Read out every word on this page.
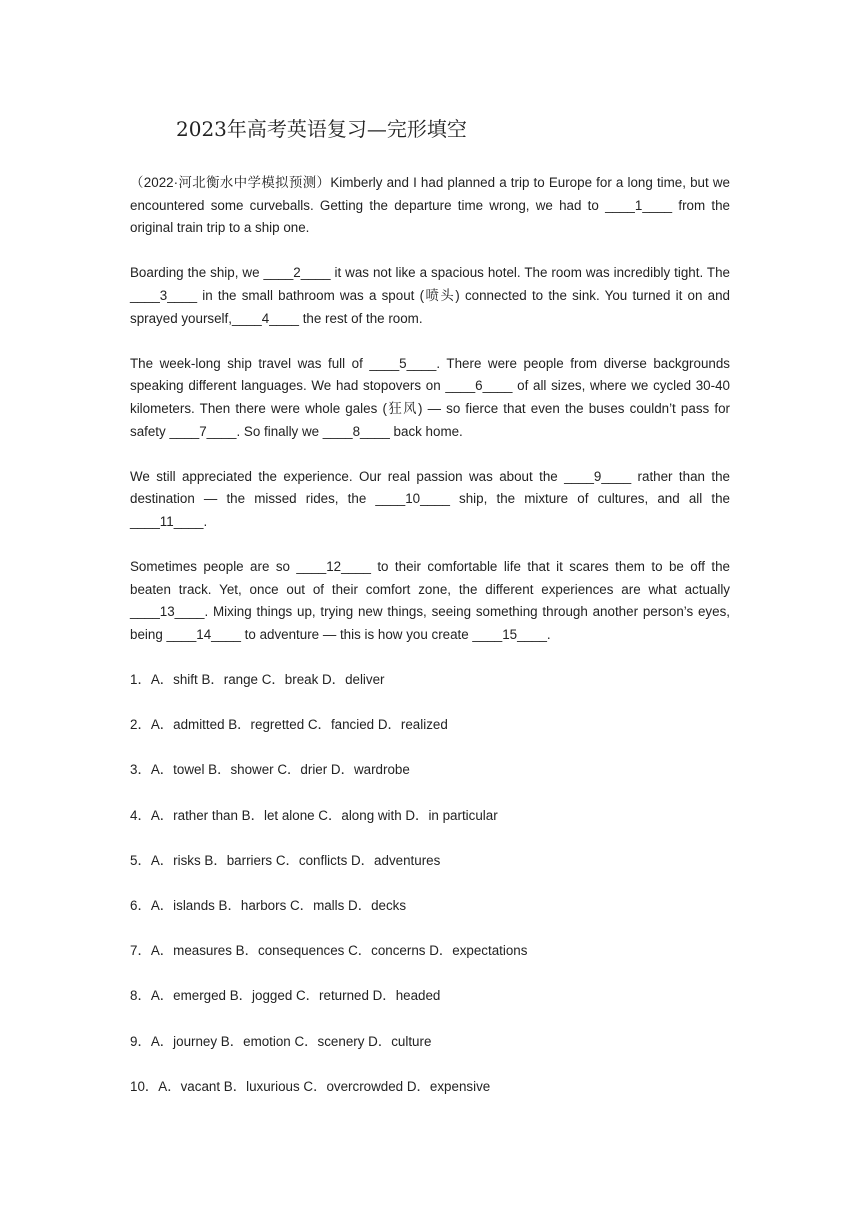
2023年高考英语复习—完形填空

（2022·河北衡水中学模拟预测）Kimberly and I had planned a trip to Europe for a long time, but we encountered some curveballs. Getting the departure time wrong, we had to ____1____ from the original train trip to a ship one.

Boarding the ship, we ____2____ it was not like a spacious hotel. The room was incredibly tight. The ____3____ in the small bathroom was a spout (喷头) connected to the sink. You turned it on and sprayed yourself,____4____ the rest of the room.

The week-long ship travel was full of ____5____. There were people from diverse backgrounds speaking different languages. We had stopovers on ____6____ of all sizes, where we cycled 30-40 kilometers. Then there were whole gales (狂风) — so fierce that even the buses couldn’t pass for safety ____7____. So finally we ____8____ back home.

We still appreciated the experience. Our real passion was about the ____9____ rather than the destination — the missed rides, the ____10____ ship, the mixture of cultures, and all the ____11____.

Sometimes people are so ____12____ to their comfortable life that it scares them to be off the beaten track. Yet, once out of their comfort zone, the different experiences are what actually ____13____. Mixing things up, trying new things, seeing something through another person’s eyes, being ____14____ to adventure — this is how you create ____15____.

1．A．shift B．range C．break D．deliver
2．A．admitted B．regretted C．fancied D．realized
3．A．towel B．shower C．drier D．wardrobe
4．A．rather than B．let alone C．along with D．in particular
5．A．risks B．barriers C．conflicts D．adventures
6．A．islands B．harbors C．malls D．decks
7．A．measures B．consequences C．concerns D．expectations
8．A．emerged B．jogged C．returned D．headed
9．A．journey B．emotion C．scenery D．culture
10．A．vacant B．luxurious C．overcrowded D．expensive
